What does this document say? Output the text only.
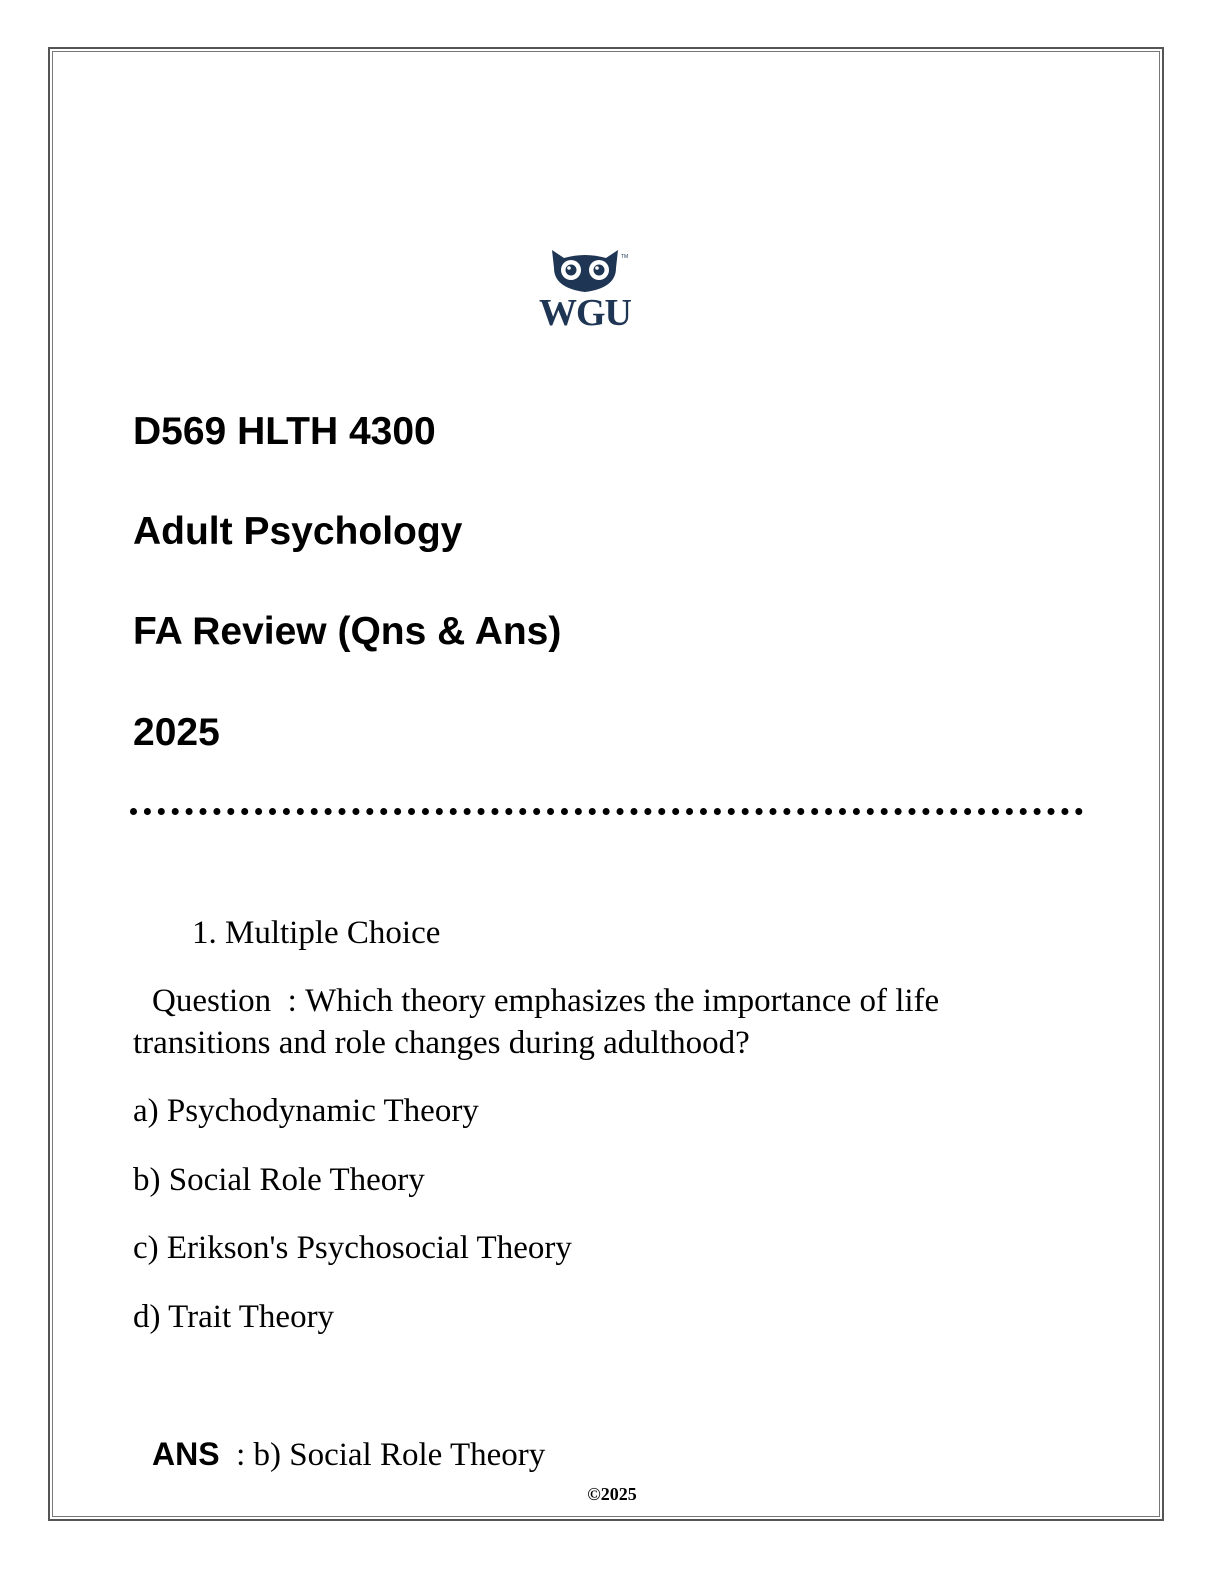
TM
WGU
D569 HLTH 4300
Adult Psychology
FA Review (Qns & Ans)
2025
1. Multiple Choice
Question : Which theory emphasizes the importance of life
transitions and role changes during adulthood?
a) Psychodynamic Theory
b) Social Role Theory
c) Erikson's Psychosocial Theory
d) Trait Theory
ANS : b) Social Role Theory
©2025
